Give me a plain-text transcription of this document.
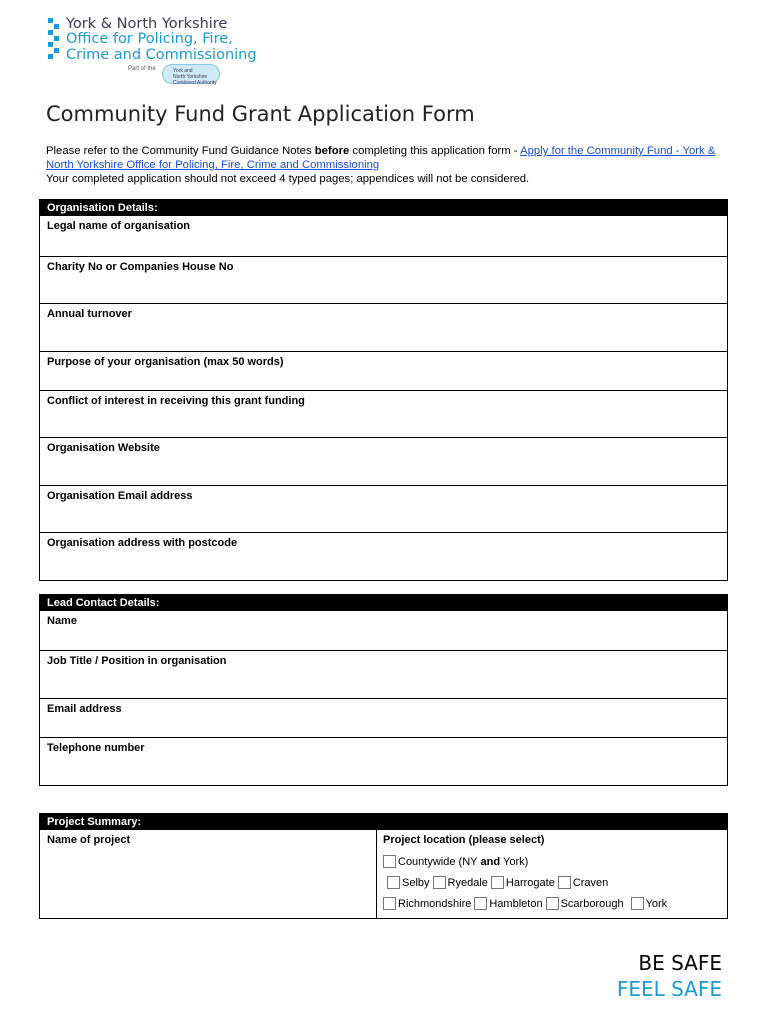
York & North Yorkshire
Office for Policing, Fire,
Crime and Commissioning
Part of the	York and
North Yorkshire
Combined Authority
Community Fund Grant Application Form
Please refer to the Community Fund Guidance Notes before completing this application form - Apply for the Community Fund - York & North Yorkshire Office for Policing, Fire, Crime and Commissioning
Your completed application should not exceed 4 typed pages; appendices will not be considered.
Organisation Details:
Legal name of organisation
Charity No or Companies House No
Annual turnover
Purpose of your organisation (max 50 words)
Conflict of interest in receiving this grant funding
Organisation Website
Organisation Email address
Organisation address with postcode
Lead Contact Details:
Name
Job Title / Position in organisation
Email address
Telephone number
Project Summary:
Name of project	Project location (please select)
Countywide (NY and York)
Selby Ryedale Harrogate Craven
Richmondshire Hambleton Scarborough York
BE SAFE
FEEL SAFE
